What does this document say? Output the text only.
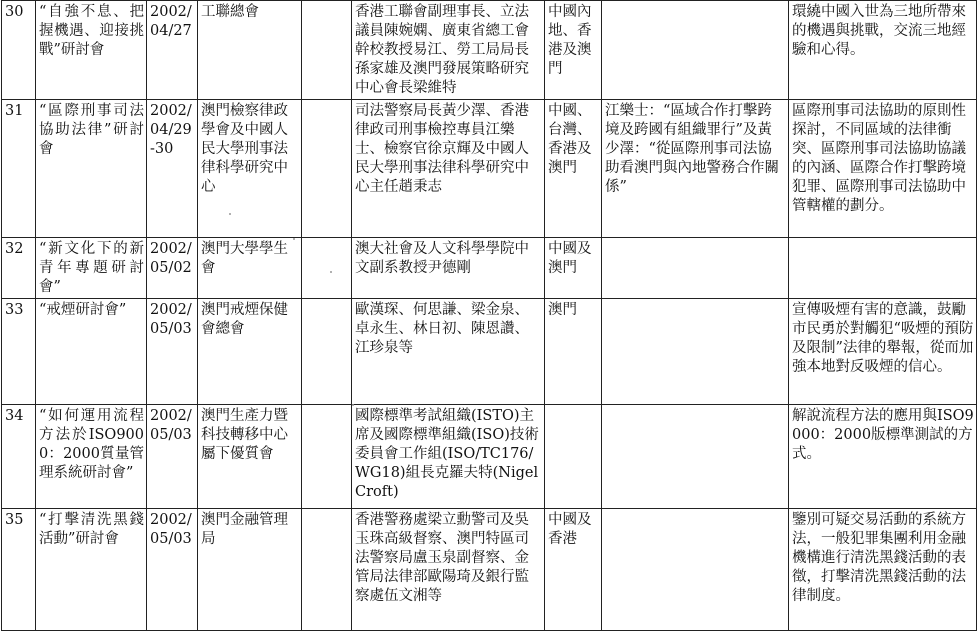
30	“自強不息、把握機遇、迎接挑戰”研討會	2002/04/27	工聯總會		香港工聯會副理事長、立法議員陳婉嫻、廣東省總工會幹校教授易江、勞工局局長孫家雄及澳門發展策略研究中心會長梁維特	中國內地、香港及澳門		環繞中國入世為三地所帶來的機遇與挑戰，交流三地經驗和心得。
31	“區際刑事司法協助法律”研討會	2002/04/29-30	澳門檢察律政學會及中國人民大學刑事法律科學研究中心		司法警察局長黃少澤、香港律政司刑事檢控專員江樂士、檢察官徐京輝及中國人民大學刑事法律科學研究中心主任趙秉志	中國、台灣、香港及澳門	江樂士：“區域合作打擊跨境及跨國有組織罪行”及黃少澤：“從區際刑事司法協助看澳門與內地警務合作關係”	區際刑事司法協助的原則性探討，不同區域的法律衝突、區際刑事司法協助協議的內涵、區際合作打擊跨境犯罪、區際刑事司法協助中管轄權的劃分。
32	“新文化下的新青年專題研討會”	2002/05/02	澳門大學學生會		澳大社會及人文科學學院中文副系教授尹德剛	中國及澳門		
33	“戒煙研討會”	2002/05/03	澳門戒煙保健會總會		歐漢琛、何思謙、梁金泉、卓永生、林日初、陳恩讚、江珍泉等	澳門		宣傳吸煙有害的意識，鼓勵市民勇於對觸犯“吸煙的預防及限制”法律的舉報，從而加強本地對反吸煙的信心。
34	“如何運用流程方法於ISO9000：2000質量管理系統研討會”	2002/05/03	澳門生產力暨科技轉移中心屬下優質會		國際標準考試組織(ISTO)主席及國際標準組織(ISO)技術委員會工作組(ISO/TC176/WG18)組長克羅夫特(Nigel Croft)			解說流程方法的應用與ISO9000：2000版標準測試的方式。
35	“打擊清洗黑錢活動”研討會	2002/05/03	澳門金融管理局		香港警務處梁立勳警司及吳玉珠高級督察、澳門特區司法警察局盧玉泉副督察、金管局法律部歐陽琦及銀行監察處伍文湘等	中國及香港		鑒別可疑交易活動的系統方法，一般犯罪集團利用金融機構進行清洗黑錢活動的表徵，打擊清洗黑錢活動的法律制度。
